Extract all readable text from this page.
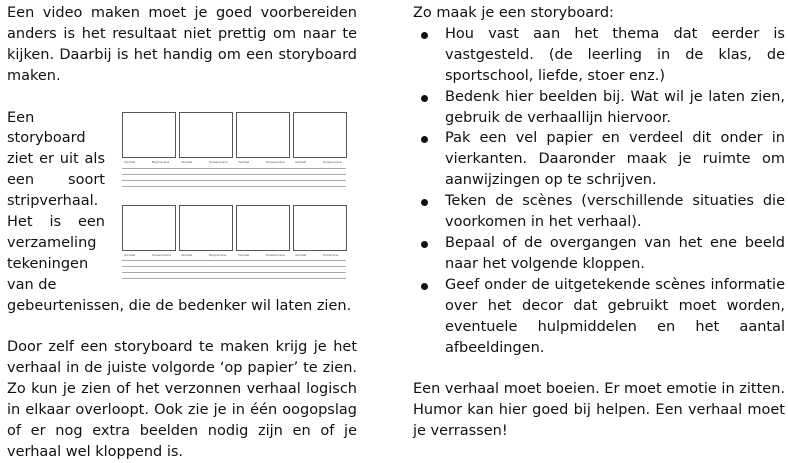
Een video maken moet je goed voorbereiden anders is het resultaat niet prettig om naar te kijken. Daarbij is het handig om een storyboard maken.

Een storyboard ziet er uit als een soort stripverhaal. Het is een verzameling tekeningen van de

gebeurtenissen, die de bedenker wil laten zien.

Door zelf een storyboard te maken krijg je het verhaal in de juiste volgorde ‘op papier’ te zien. Zo kun je zien of het verzonnen verhaal logisch in elkaar overloopt. Ook zie je in één oogopslag of er nog extra beelden nodig zijn en of je verhaal wel kloppend is.

Verhaal	Beginscène	Verhaal	Tussenscène	Verhaal	Tussenscène	Verhaal	Tussenscène
Verhaal	Tussenscène	Verhaal	Beginscène	Verhaal	Tussenscène	Verhaal	Eindscène

Zo maak je een storyboard:

Hou vast aan het thema dat eerder is vastgesteld. (de leerling in de klas, de sportschool, liefde, stoer enz.)
Bedenk hier beelden bij. Wat wil je laten zien, gebruik de verhaallijn hiervoor.
Pak een vel papier en verdeel dit onder in vierkanten. Daaronder maak je ruimte om aanwijzingen op te schrijven.
Teken de scènes (verschillende situaties die voorkomen in het verhaal).
Bepaal of de overgangen van het ene beeld naar het volgende kloppen.
Geef onder de uitgetekende scènes informatie over het decor dat gebruikt moet worden, eventuele hulpmiddelen en het aantal afbeeldingen.

Een verhaal moet boeien. Er moet emotie in zitten. Humor kan hier goed bij helpen. Een verhaal moet je verrassen!
